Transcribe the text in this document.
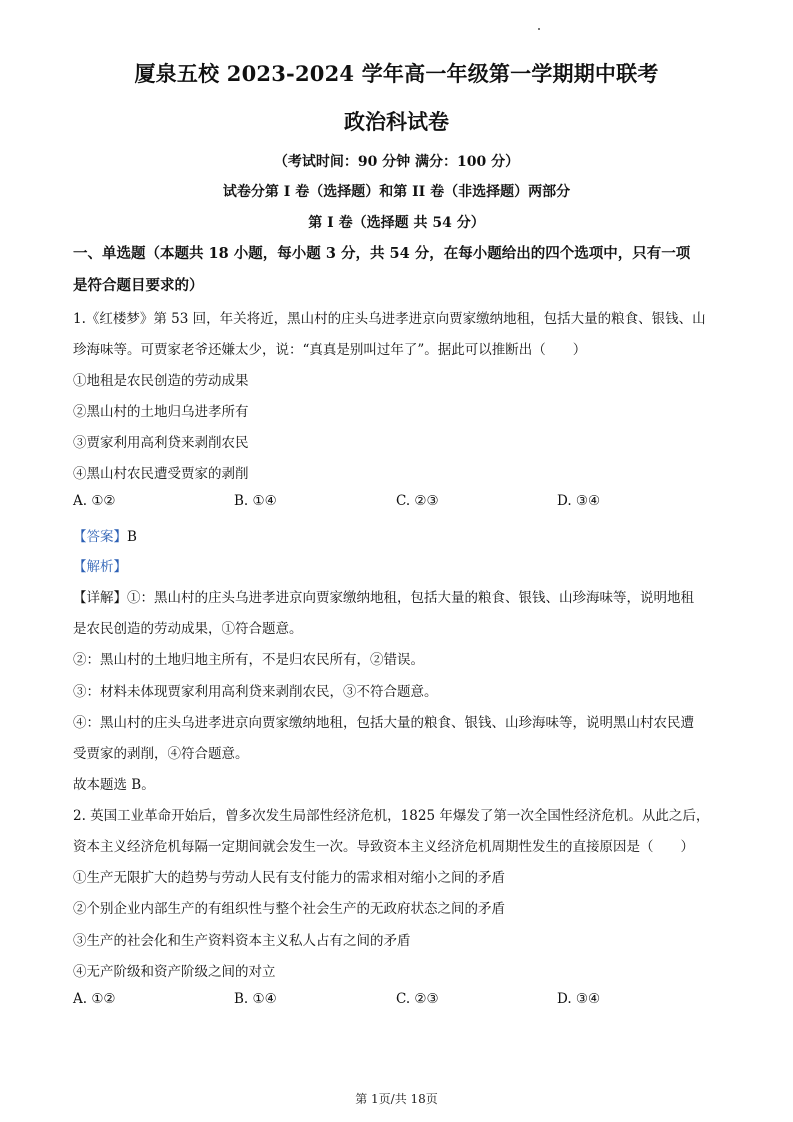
厦泉五校 2023-2024 学年高一年级第一学期期中联考
政治科试卷
（考试时间：90 分钟 满分：100 分）
试卷分第 I 卷（选择题）和第 II 卷（非选择题）两部分
第 I 卷（选择题 共 54 分）
一、单选题（本题共 18 小题，每小题 3 分，共 54 分，在每小题给出的四个选项中，只有一项
是符合题目要求的）
1.《红楼梦》第 53 回，年关将近，黑山村的庄头乌进孝进京向贾家缴纳地租，包括大量的粮食、银钱、山
珍海味等。可贾家老爷还嫌太少，说：“真真是别叫过年了”。据此可以推断出（　　）
①地租是农民创造的劳动成果
②黑山村的土地归乌进孝所有
③贾家利用高利贷来剥削农民
④黑山村农民遭受贾家的剥削
A. ①②	B. ①④	C. ②③	D. ③④
【答案】B
【解析】
【详解】①：黑山村的庄头乌进孝进京向贾家缴纳地租，包括大量的粮食、银钱、山珍海味等，说明地租
是农民创造的劳动成果，①符合题意。
②：黑山村的土地归地主所有，不是归农民所有，②错误。
③：材料未体现贾家利用高利贷来剥削农民，③不符合题意。
④：黑山村的庄头乌进孝进京向贾家缴纳地租，包括大量的粮食、银钱、山珍海味等，说明黑山村农民遭
受贾家的剥削，④符合题意。
故本题选 B。
2. 英国工业革命开始后，曾多次发生局部性经济危机，1825 年爆发了第一次全国性经济危机。从此之后，
资本主义经济危机每隔一定期间就会发生一次。导致资本主义经济危机周期性发生的直接原因是（　　）
①生产无限扩大的趋势与劳动人民有支付能力的需求相对缩小之间的矛盾
②个别企业内部生产的有组织性与整个社会生产的无政府状态之间的矛盾
③生产的社会化和生产资料资本主义私人占有之间的矛盾
④无产阶级和资产阶级之间的对立
A. ①②	B. ①④	C. ②③	D. ③④
第 1页/共 18页
